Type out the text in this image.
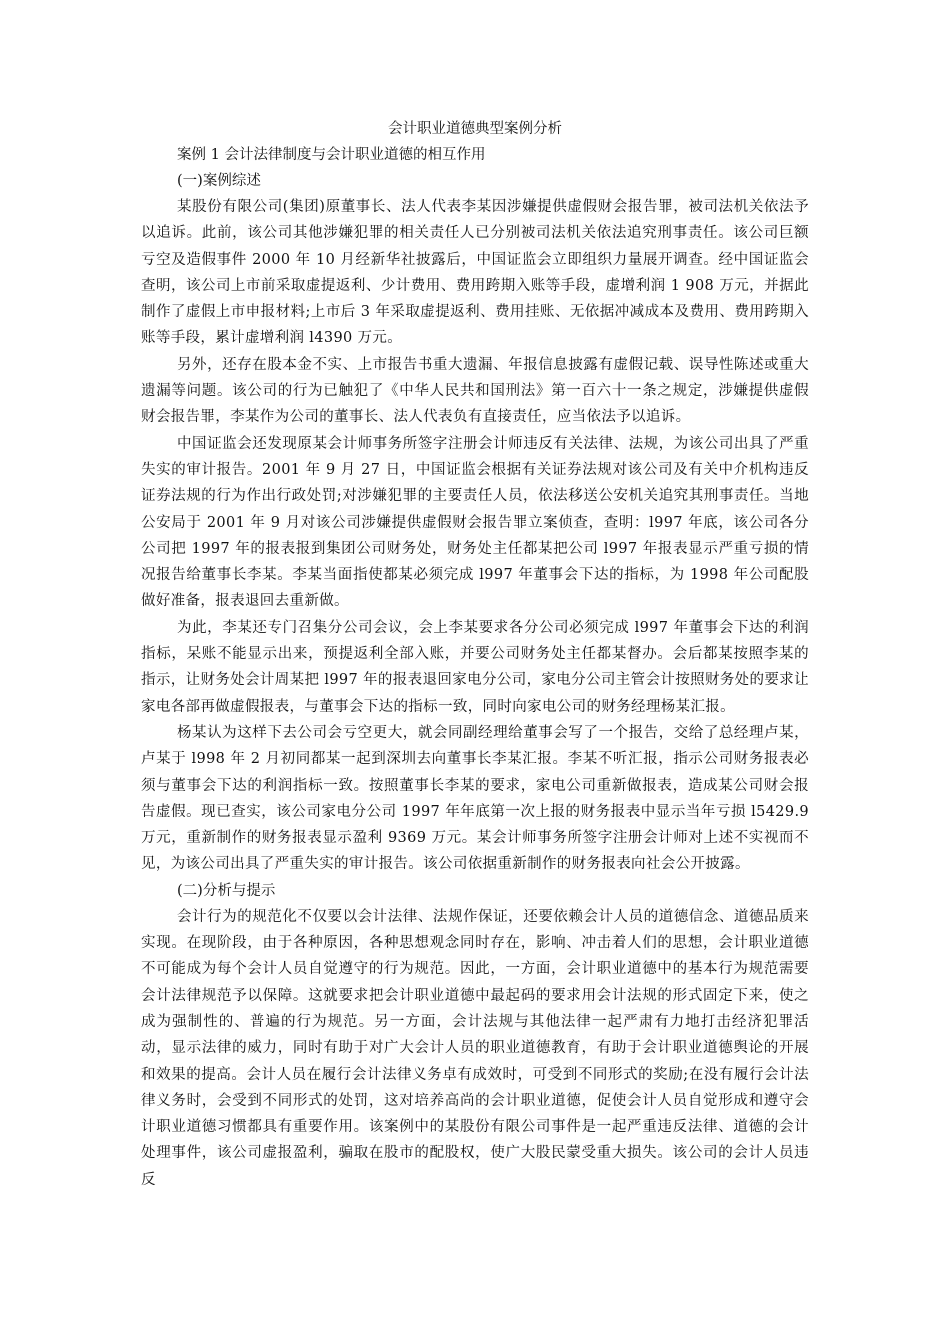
会计职业道德典型案例分析

案例 1 会计法律制度与会计职业道德的相互作用

(一)案例综述

某股份有限公司(集团)原董事长、法人代表李某因涉嫌提供虚假财会报告罪，被司法机关依法予以追诉。此前，该公司其他涉嫌犯罪的相关责任人已分别被司法机关依法追究刑事责任。该公司巨额亏空及造假事件 2000 年 10 月经新华社披露后，中国证监会立即组织力量展开调查。经中国证监会查明，该公司上市前采取虚提返利、少计费用、费用跨期入账等手段，虚增利润 1 908 万元，并据此制作了虚假上市申报材料;上市后 3 年采取虚提返利、费用挂账、无依据冲减成本及费用、费用跨期入账等手段，累计虚增利润 l4390 万元。

另外，还存在股本金不实、上市报告书重大遗漏、年报信息披露有虚假记载、误导性陈述或重大遗漏等问题。该公司的行为已触犯了《中华人民共和国刑法》第一百六十一条之规定，涉嫌提供虚假财会报告罪，李某作为公司的董事长、法人代表负有直接责任，应当依法予以追诉。

中国证监会还发现原某会计师事务所签字注册会计师违反有关法律、法规，为该公司出具了严重失实的审计报告。2001 年 9 月 27 日，中国证监会根据有关证券法规对该公司及有关中介机构违反证券法规的行为作出行政处罚;对涉嫌犯罪的主要责任人员，依法移送公安机关追究其刑事责任。当地公安局于 2001 年 9 月对该公司涉嫌提供虚假财会报告罪立案侦查，查明：l997 年底，该公司各分公司把 1997 年的报表报到集团公司财务处，财务处主任都某把公司 l997 年报表显示严重亏损的情况报告给董事长李某。李某当面指使都某必须完成 l997 年董事会下达的指标，为 1998 年公司配股做好准备，报表退回去重新做。

为此，李某还专门召集分公司会议，会上李某要求各分公司必须完成 l997 年董事会下达的利润指标，呆账不能显示出来，预提返利全部入账，并要公司财务处主任都某督办。会后都某按照李某的指示，让财务处会计周某把 l997 年的报表退回家电分公司，家电分公司主管会计按照财务处的要求让家电各部再做虚假报表，与董事会下达的指标一致，同时向家电公司的财务经理杨某汇报。

杨某认为这样下去公司会亏空更大，就会同副经理给董事会写了一个报告，交给了总经理卢某，卢某于 l998 年 2 月初同都某一起到深圳去向董事长李某汇报。李某不听汇报，指示公司财务报表必须与董事会下达的利润指标一致。按照董事长李某的要求，家电公司重新做报表，造成某公司财会报告虚假。现已查实，该公司家电分公司 1997 年年底第一次上报的财务报表中显示当年亏损 l5429.9 万元，重新制作的财务报表显示盈利 9369 万元。某会计师事务所签字注册会计师对上述不实视而不见，为该公司出具了严重失实的审计报告。该公司依据重新制作的财务报表向社会公开披露。

(二)分析与提示

会计行为的规范化不仅要以会计法律、法规作保证，还要依赖会计人员的道德信念、道德品质来实现。在现阶段，由于各种原因，各种思想观念同时存在，影响、冲击着人们的思想，会计职业道德不可能成为每个会计人员自觉遵守的行为规范。因此，一方面，会计职业道德中的基本行为规范需要会计法律规范予以保障。这就要求把会计职业道德中最起码的要求用会计法规的形式固定下来，使之成为强制性的、普遍的行为规范。另一方面，会计法规与其他法律一起严肃有力地打击经济犯罪活动，显示法律的威力，同时有助于对广大会计人员的职业道德教育，有助于会计职业道德舆论的开展和效果的提高。会计人员在履行会计法律义务卓有成效时，可受到不同形式的奖励;在没有履行会计法律义务时，会受到不同形式的处罚，这对培养高尚的会计职业道德，促使会计人员自觉形成和遵守会计职业道德习惯都具有重要作用。该案例中的某股份有限公司事件是一起严重违反法律、道德的会计处理事件，该公司虚报盈利，骗取在股市的配股权，使广大股民蒙受重大损失。该公司的会计人员违反
